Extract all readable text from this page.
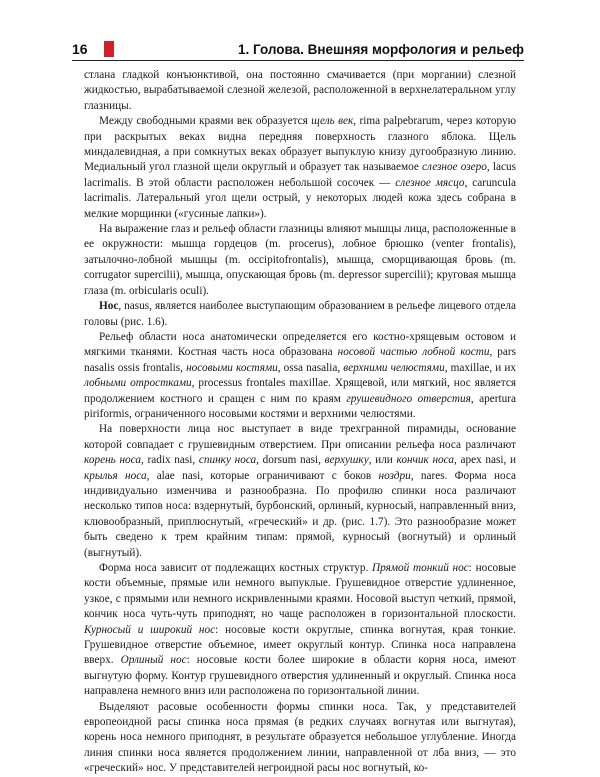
16	1. Голова. Внешняя морфология и рельеф

стлана гладкой конъюнктивой, она постоянно смачивается (при моргании) слезной жидкостью, вырабатываемой слезной железой, расположенной в верхнелатеральном углу глазницы.

Между свободными краями век образуется щель век, rima palpebrarum, через которую при раскрытых веках видна передняя поверхность глазного яблока. Щель миндалевидная, а при сомкнутых веках образует выпуклую книзу дугообразную линию. Медиальный угол глазной щели округлый и образует так называемое слезное озеро, lacus lacrimalis. В этой области расположен небольшой сосочек — слезное мясцо, caruncula lacrimalis. Латеральный угол щели острый, у некоторых людей кожа здесь собрана в мелкие морщинки («гусиные лапки»).

На выражение глаз и рельеф области глазницы влияют мышцы лица, расположенные в ее окружности: мышца гордецов (m. procerus), лобное брюшко (venter frontalis), затылочно-лобной мышцы (m. occipitofrontalis), мышца, сморщивающая бровь (m. corrugator supercilii), мышца, опускающая бровь (m. depressor supercilii); круговая мышца глаза (m. orbicularis oculi).

Нос, nasus, является наиболее выступающим образованием в рельефе лицевого отдела головы (рис. 1.6).

Рельеф области носа анатомически определяется его костно-хрящевым остовом и мягкими тканями. Костная часть носа образована носовой частью лобной кости, pars nasalis ossis frontalis, носовыми костями, ossa nasalia, верхними челюстями, maxillae, и их лобными отростками, processus frontales maxillae. Хрящевой, или мягкий, нос является продолжением костного и сращен с ним по краям грушевидного отверстия, apertura piriformis, ограниченного носовыми костями и верхними челюстями.

На поверхности лица нос выступает в виде трехгранной пирамиды, основание которой совпадает с грушевидным отверстием. При описании рельефа носа различают корень носа, radix nasi, спинку носа, dorsum nasi, верхушку, или кончик носа, apex nasi, и крылья носа, alae nasi, которые ограничивают с боков ноздри, nares. Форма носа индивидуально изменчива и разнообразна. По профилю спинки носа различают несколько типов носа: вздернутый, бурбонский, орлиный, курносый, направленный вниз, клювообразный, приплюснутый, «греческий» и др. (рис. 1.7). Это разнообразие может быть сведено к трем крайним типам: прямой, курносый (вогнутый) и орлиный (выгнутый).

Форма носа зависит от подлежащих костных структур. Прямой тонкий нос: носовые кости объемные, прямые или немного выпуклые. Грушевидное отверстие удлиненное, узкое, с прямыми или немного искривленными краями. Носовой выступ четкий, прямой, кончик носа чуть-чуть приподнят, но чаще расположен в горизонтальной плоскости. Курносый и широкий нос: носовые кости округлые, спинка вогнутая, края тонкие. Грушевидное отверстие объемное, имеет округлый контур. Спинка носа направлена вверх. Орлиный нос: носовые кости более широкие в области корня носа, имеют выгнутую форму. Контур грушевидного отверстия удлиненный и округлый. Спинка носа направлена немного вниз или расположена по горизонтальной линии.

Выделяют расовые особенности формы спинки носа. Так, у представителей европеоидной расы спинка носа прямая (в редких случаях вогнутая или выгнутая), корень носа немного приподнят, в результате образуется небольшое углубление. Иногда линия спинки носа является продолжением линии, направленной от лба вниз, — это «греческий» нос. У представителей негроидной расы нос вогнутый, ко-
